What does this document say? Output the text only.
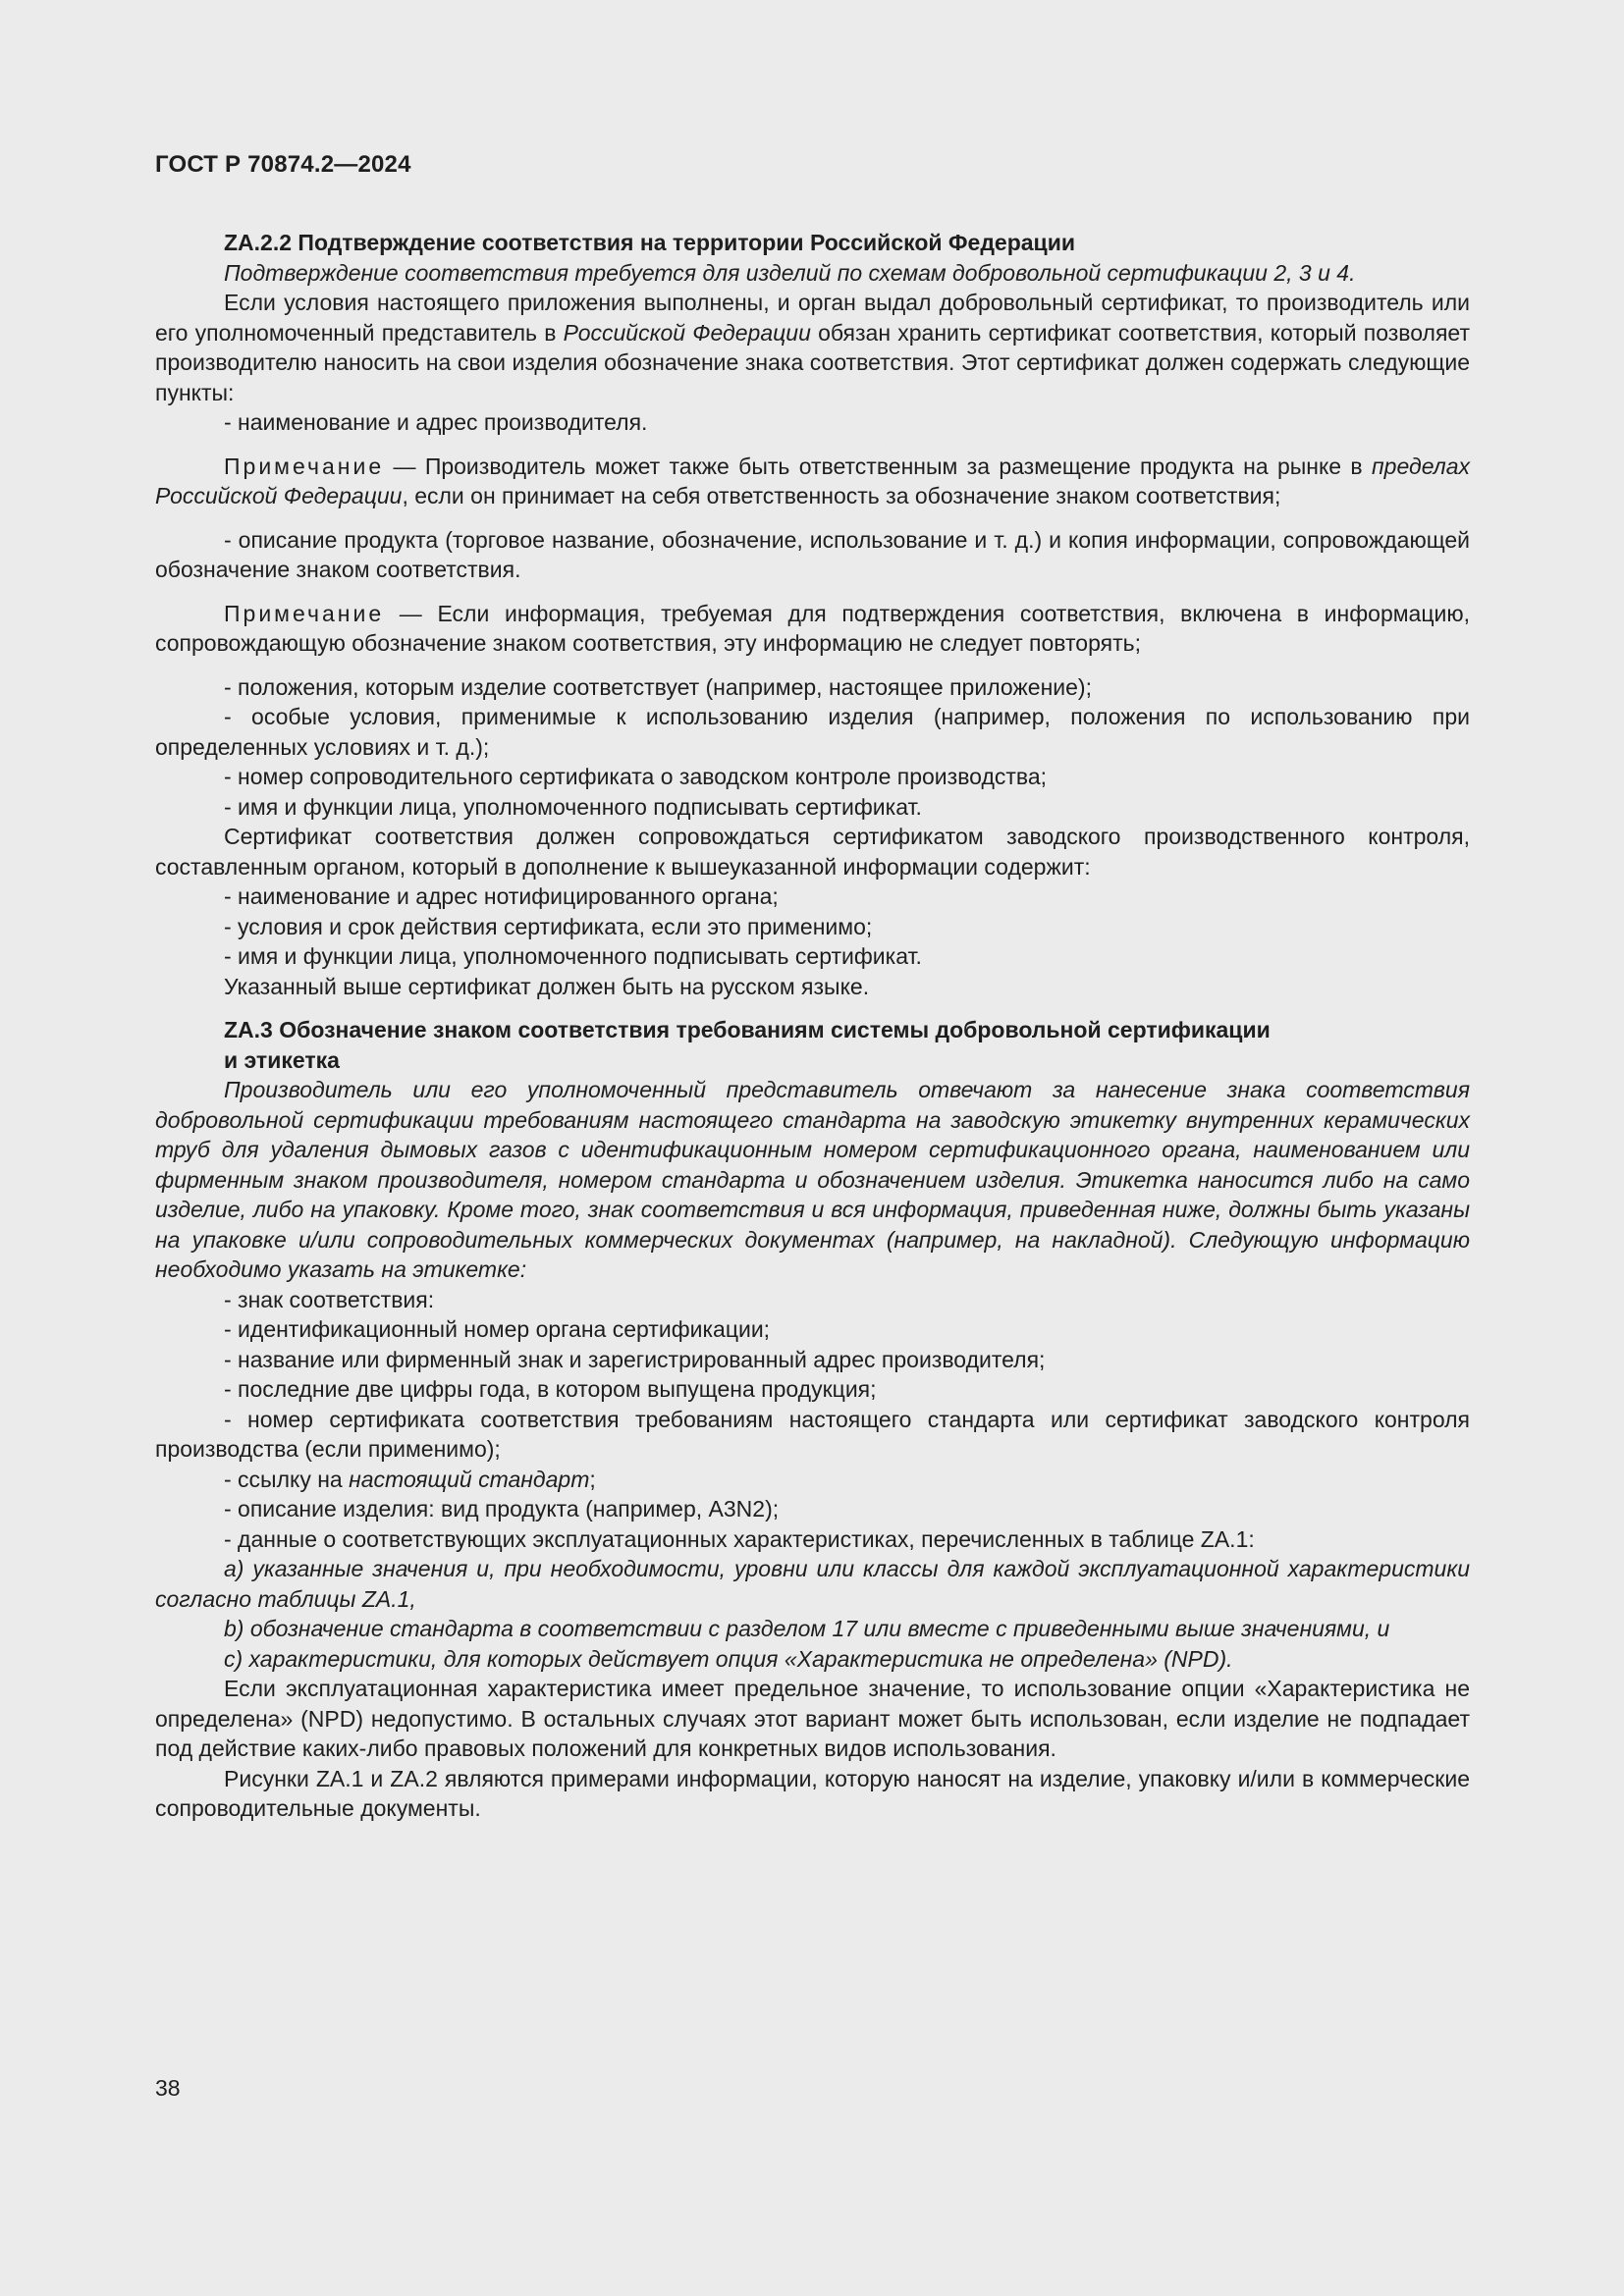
ГОСТ Р 70874.2—2024
ZA.2.2 Подтверждение соответствия на территории Российской Федерации

Подтверждение соответствия требуется для изделий по схемам добровольной сертификации 2, 3 и 4.

Если условия настоящего приложения выполнены, и орган выдал добровольный сертификат, то производитель или его уполномоченный представитель в Российской Федерации обязан хранить сертификат соответствия, который позволяет производителю наносить на свои изделия обозначение знака соответствия. Этот сертификат должен содержать следующие пункты:

- наименование и адрес производителя.

Примечание — Производитель может также быть ответственным за размещение продукта на рынке в пределах Российской Федерации, если он принимает на себя ответственность за обозначение знаком соответствия;

- описание продукта (торговое название, обозначение, использование и т. д.) и копия информации, сопровождающей обозначение знаком соответствия.

Примечание — Если информация, требуемая для подтверждения соответствия, включена в информацию, сопровождающую обозначение знаком соответствия, эту информацию не следует повторять;

- положения, которым изделие соответствует (например, настоящее приложение);

- особые условия, применимые к использованию изделия (например, положения по использованию при определенных условиях и т. д.);

- номер сопроводительного сертификата о заводском контроле производства;

- имя и функции лица, уполномоченного подписывать сертификат.

Сертификат соответствия должен сопровождаться сертификатом заводского производственного контроля, составленным органом, который в дополнение к вышеуказанной информации содержит:

- наименование и адрес нотифицированного органа;

- условия и срок действия сертификата, если это применимо;

- имя и функции лица, уполномоченного подписывать сертификат.

Указанный выше сертификат должен быть на русском языке.

ZA.3 Обозначение знаком соответствия требованиям системы добровольной сертификации
и этикетка

Производитель или его уполномоченный представитель отвечают за нанесение знака соответствия добровольной сертификации требованиям настоящего стандарта на заводскую этикетку внутренних керамических труб для удаления дымовых газов с идентификационным номером сертификационного органа, наименованием или фирменным знаком производителя, номером стандарта и обозначением изделия. Этикетка наносится либо на само изделие, либо на упаковку. Кроме того, знак соответствия и вся информация, приведенная ниже, должны быть указаны на упаковке и/или сопроводительных коммерческих документах (например, на накладной). Следующую информацию необходимо указать на этикетке:

- знак соответствия:

- идентификационный номер органа сертификации;

- название или фирменный знак и зарегистрированный адрес производителя;

- последние две цифры года, в котором выпущена продукция;

- номер сертификата соответствия требованиям настоящего стандарта или сертификат заводского контроля производства (если применимо);

- ссылку на настоящий стандарт;

- описание изделия: вид продукта (например, A3N2);

- данные о соответствующих эксплуатационных характеристиках, перечисленных в таблице ZA.1:

a) указанные значения и, при необходимости, уровни или классы для каждой эксплуатационной характеристики согласно таблицы ZA.1,

b) обозначение стандарта в соответствии с разделом 17 или вместе с приведенными выше значениями, и

c) характеристики, для которых действует опция «Характеристика не определена» (NPD).

Если эксплуатационная характеристика имеет предельное значение, то использование опции «Характеристика не определена» (NPD) недопустимо. В остальных случаях этот вариант может быть использован, если изделие не подпадает под действие каких-либо правовых положений для конкретных видов использования.

Рисунки ZA.1 и ZA.2 являются примерами информации, которую наносят на изделие, упаковку и/или в коммерческие сопроводительные документы.

38
